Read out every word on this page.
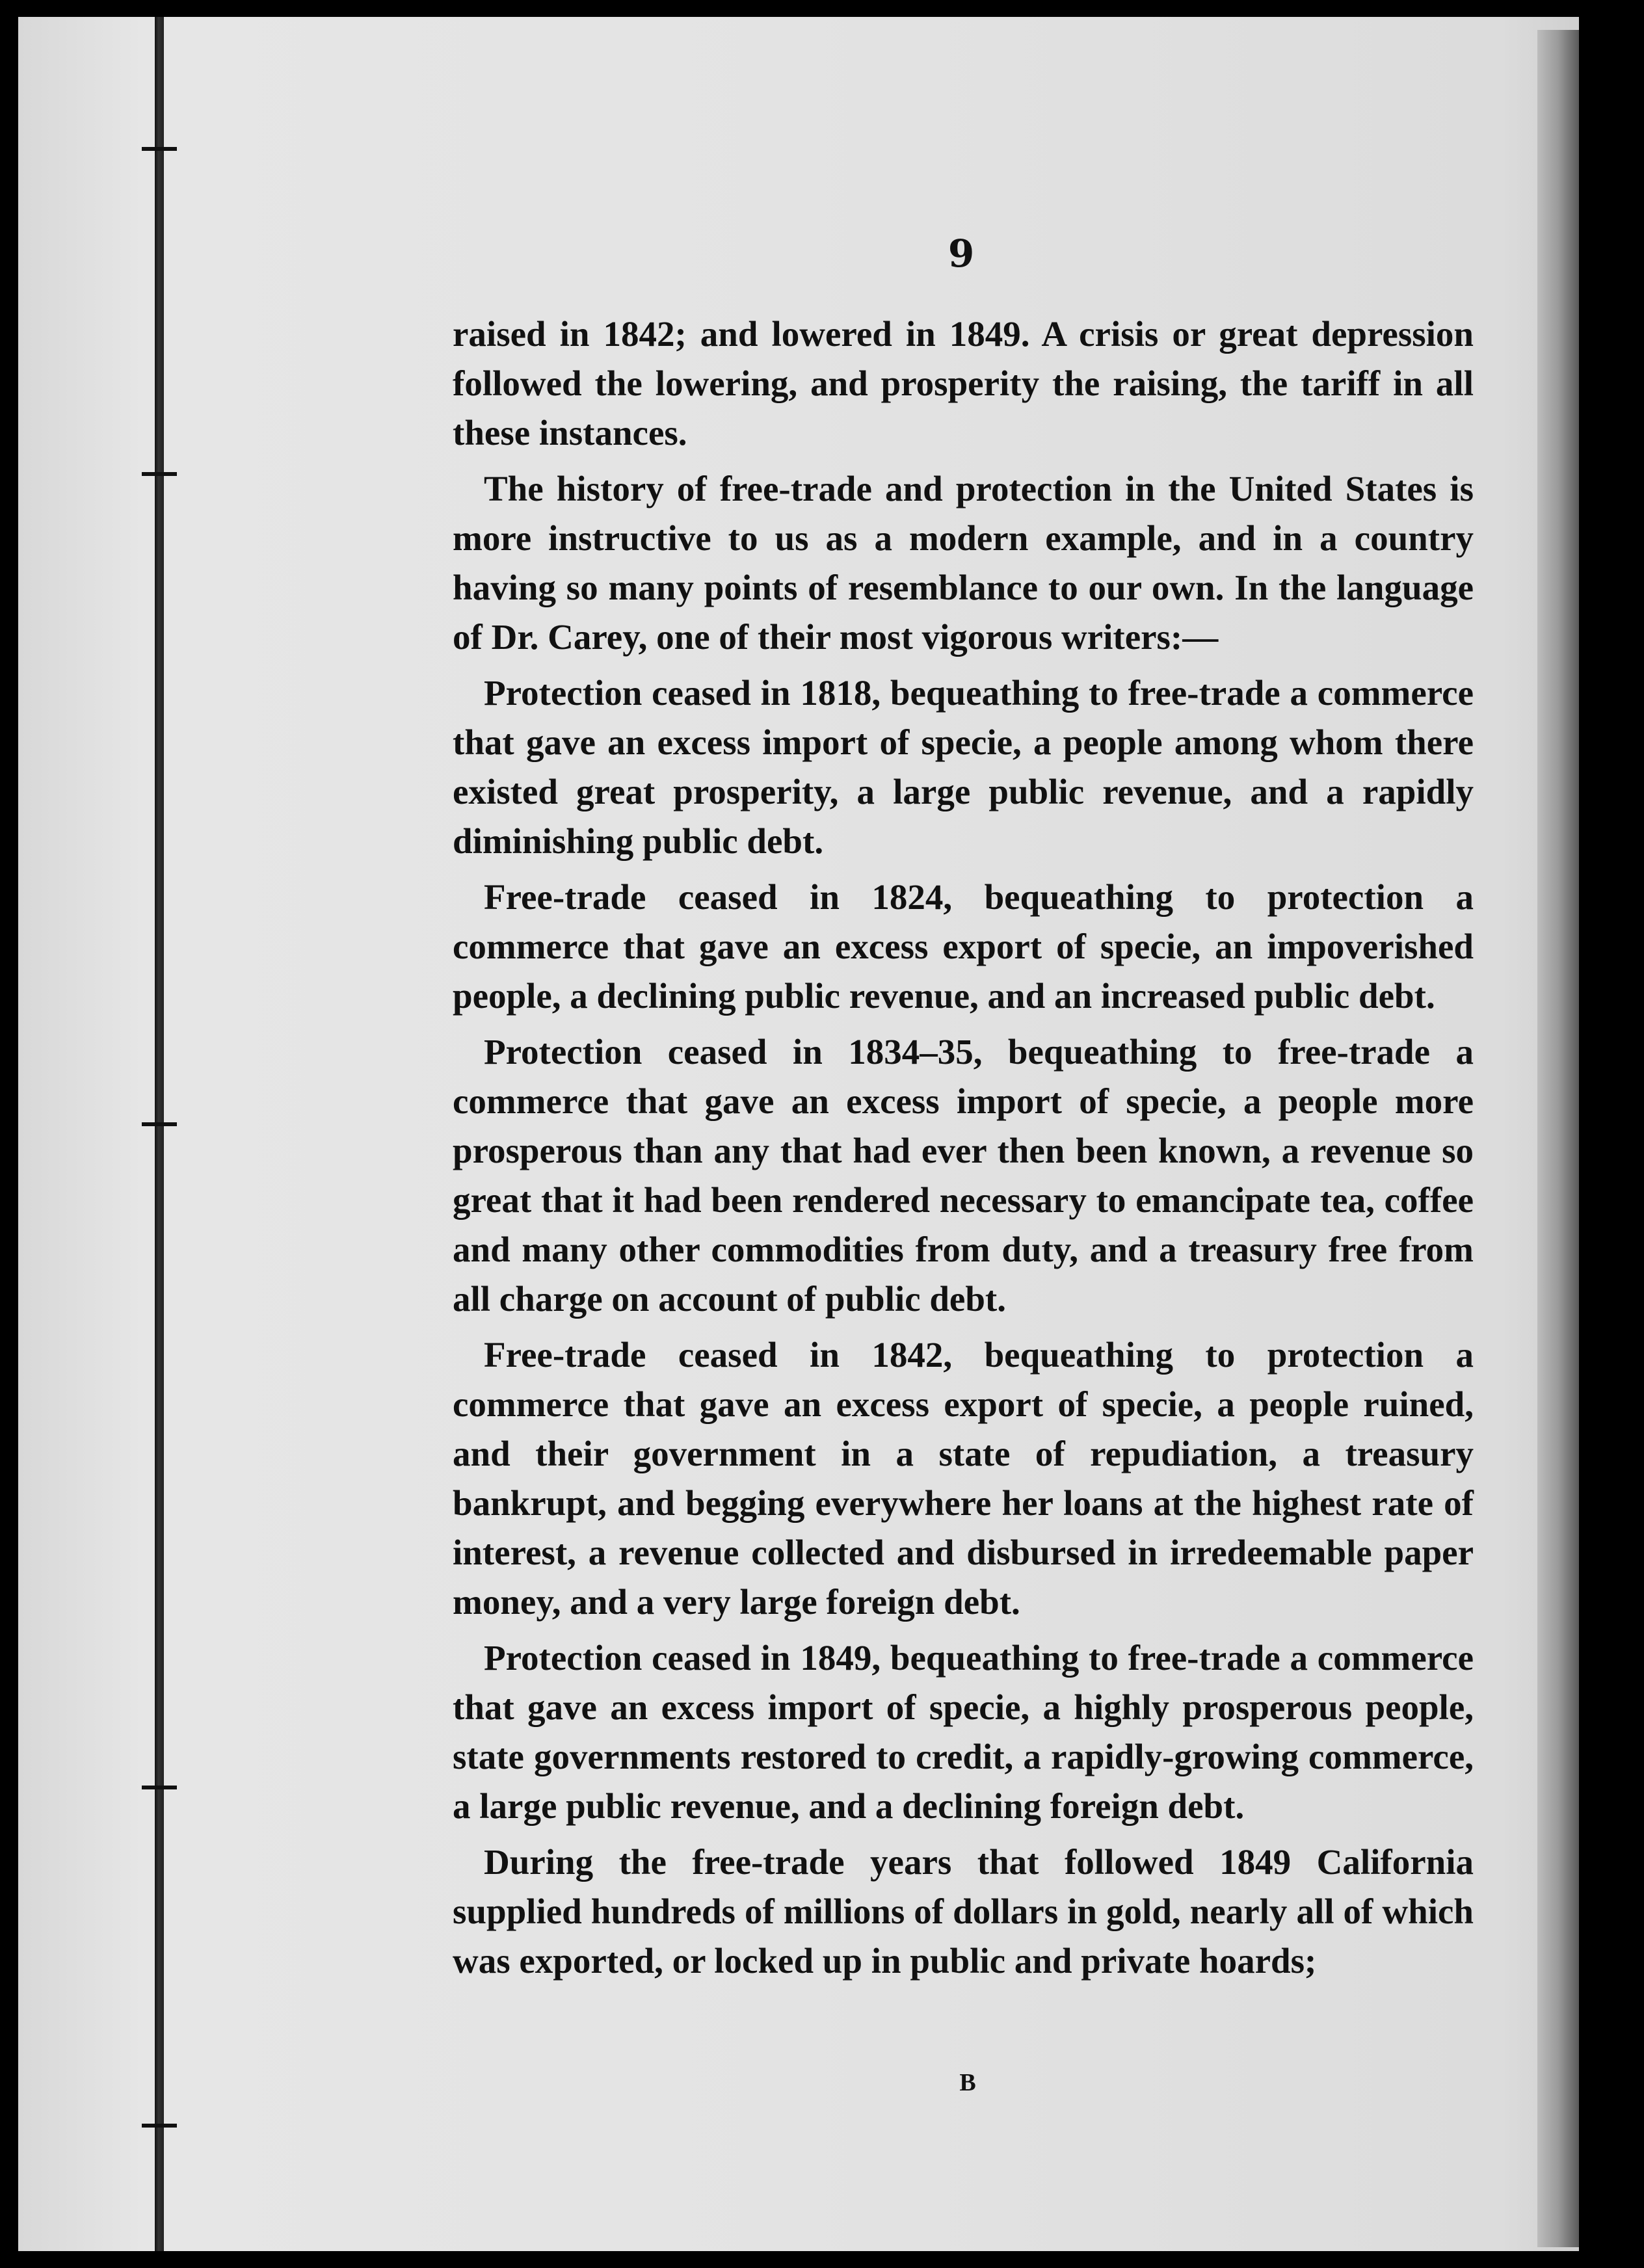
9

raised in 1842; and lowered in 1849. A crisis or great depression followed the lowering, and prosperity the raising, the tariff in all these instances.

The history of free-trade and protection in the United States is more instructive to us as a modern example, and in a country having so many points of resemblance to our own. In the language of Dr. Carey, one of their most vigorous writers:—

Protection ceased in 1818, bequeathing to free-trade a commerce that gave an excess import of specie, a people among whom there existed great prosperity, a large public revenue, and a rapidly diminishing public debt.

Free-trade ceased in 1824, bequeathing to protection a commerce that gave an excess export of specie, an impoverished people, a declining public revenue, and an increased public debt.

Protection ceased in 1834–35, bequeathing to free-trade a commerce that gave an excess import of specie, a people more prosperous than any that had ever then been known, a revenue so great that it had been rendered necessary to emancipate tea, coffee and many other commodities from duty, and a treasury free from all charge on account of public debt.

Free-trade ceased in 1842, bequeathing to protection a commerce that gave an excess export of specie, a people ruined, and their government in a state of repudiation, a treasury bankrupt, and begging everywhere her loans at the highest rate of interest, a revenue collected and disbursed in irredeemable paper money, and a very large foreign debt.

Protection ceased in 1849, bequeathing to free-trade a commerce that gave an excess import of specie, a highly prosperous people, state governments restored to credit, a rapidly-growing commerce, a large public revenue, and a declining foreign debt.

During the free-trade years that followed 1849 California supplied hundreds of millions of dollars in gold, nearly all of which was exported, or locked up in public and private hoards;

B
